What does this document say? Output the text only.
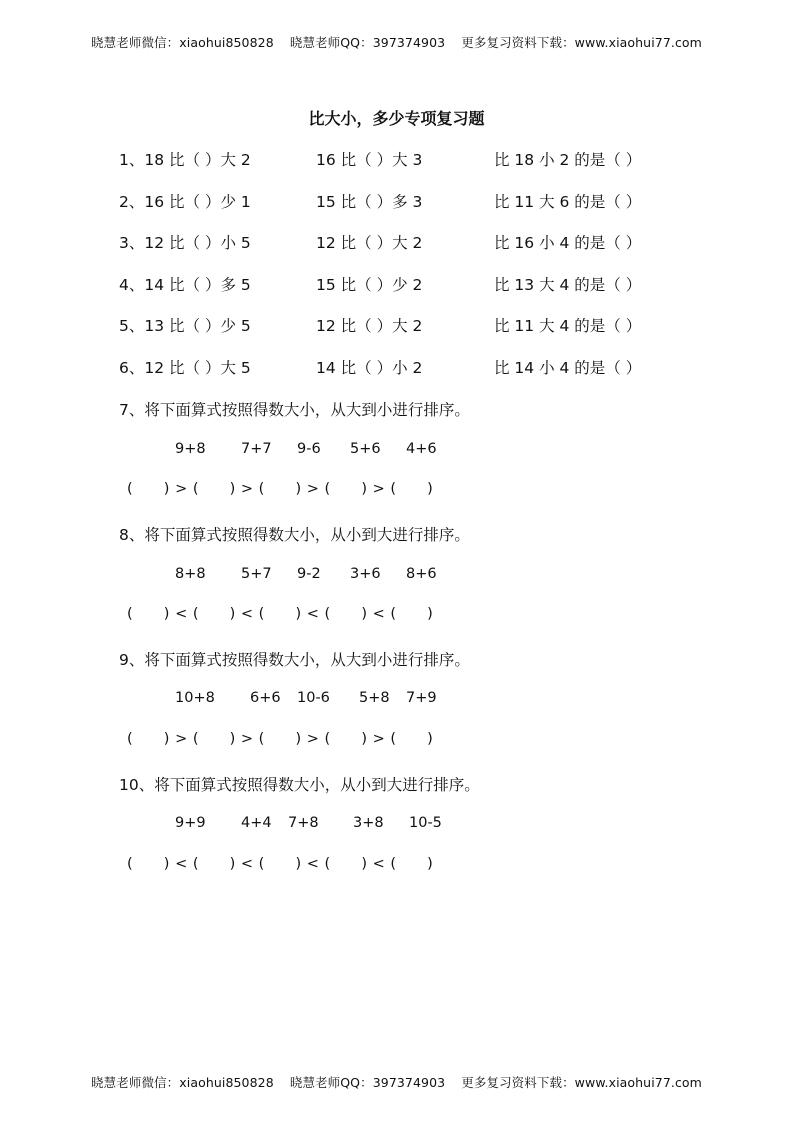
晓慧老师微信：xiaohui850828 晓慧老师QQ：397374903 更多复习资料下载：www.xiaohui77.com
比大小，多少专项复习题
1、18 比（ ）大 2	16 比（ ）大 3	比 18 小 2 的是（ ）
2、16 比（ ）少 1	15 比（ ）多 3	比 11 大 6 的是（ ）
3、12 比（ ）小 5	12 比（ ）大 2	比 16 小 4 的是（ ）
4、14 比（ ）多 5	15 比（ ）少 2	比 13 大 4 的是（ ）
5、13 比（ ）少 5	12 比（ ）大 2	比 11 大 4 的是（ ）
6、12 比（ ）大 5	14 比（ ）小 2	比 14 小 4 的是（ ）
7、将下面算式按照得数大小，从大到小进行排序。
9+8 7+7 9-6 5+6 4+6
(      ) > (      ) > (      ) > (      ) > (      )
8、将下面算式按照得数大小，从小到大进行排序。
8+8 5+7 9-2 3+6 8+6
(      ) < (      ) < (      ) < (      ) < (      )
9、将下面算式按照得数大小，从大到小进行排序。
10+8 6+6 10-6 5+8 7+9
(      ) > (      ) > (      ) > (      ) > (      )
10、将下面算式按照得数大小，从小到大进行排序。
9+9 4+4 7+8 3+8 10-5
(      ) < (      ) < (      ) < (      ) < (      )
晓慧老师微信：xiaohui850828 晓慧老师QQ：397374903 更多复习资料下载：www.xiaohui77.com
